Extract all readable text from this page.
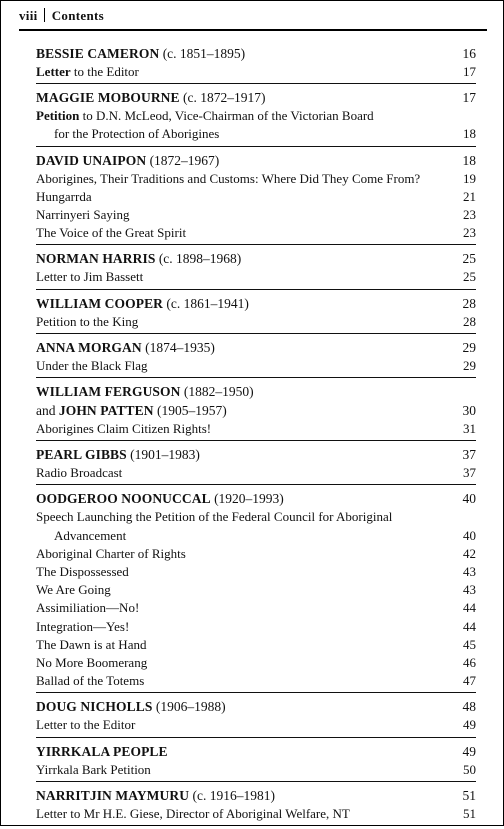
viii Contents
BESSIE CAMERON (c. 1851–1895)	16
Letter to the Editor	17
MAGGIE MOBOURNE (c. 1872–1917)	17
Petition to D.N. McLeod, Vice-Chairman of the Victorian Board
for the Protection of Aborigines	18
DAVID UNAIPON (1872–1967)	18
Aborigines, Their Traditions and Customs: Where Did They Come From?	19
Hungarrda	21
Narrinyeri Saying	23
The Voice of the Great Spirit	23
NORMAN HARRIS (c. 1898–1968)	25
Letter to Jim Bassett	25
WILLIAM COOPER (c. 1861–1941)	28
Petition to the King	28
ANNA MORGAN (1874–1935)	29
Under the Black Flag	29
WILLIAM FERGUSON (1882–1950)
and JOHN PATTEN (1905–1957)	30
Aborigines Claim Citizen Rights!	31
PEARL GIBBS (1901–1983)	37
Radio Broadcast	37
OODGEROO NOONUCCAL (1920–1993)	40
Speech Launching the Petition of the Federal Council for Aboriginal
Advancement	40
Aboriginal Charter of Rights	42
The Dispossessed	43
We Are Going	43
Assimiliation—No!	44
Integration—Yes!	44
The Dawn is at Hand	45
No More Boomerang	46
Ballad of the Totems	47
DOUG NICHOLLS (1906–1988)	48
Letter to the Editor	49
YIRRKALA PEOPLE	49
Yirrkala Bark Petition	50
NARRITJIN MAYMURU (c. 1916–1981)	51
Letter to Mr H.E. Giese, Director of Aboriginal Welfare, NT	51
